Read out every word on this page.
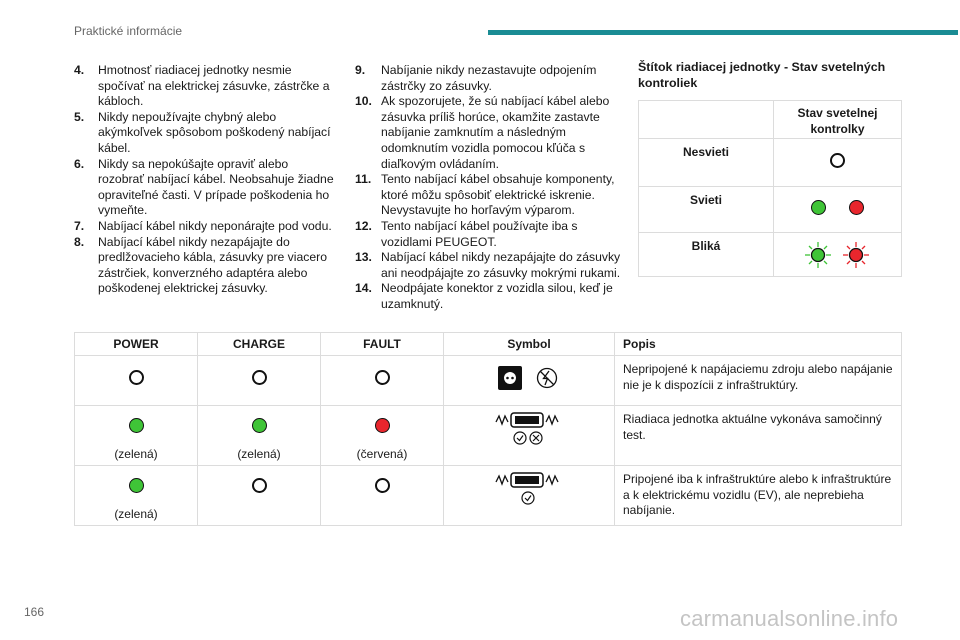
Praktické informácie
4.	Hmotnosť riadiacej jednotky nesmie spočívať na elektrickej zásuvke, zástrčke a kábloch.
5.	Nikdy nepoužívajte chybný alebo akýmkoľvek spôsobom poškodený nabíjací kábel.
6.	Nikdy sa nepokúšajte opraviť alebo rozobrať nabíjací kábel. Neobsahuje žiadne opraviteľné časti. V prípade poškodenia ho vymeňte.
7.	Nabíjací kábel nikdy neponárajte pod vodu.
8.	Nabíjací kábel nikdy nezapájajte do predlžovacieho kábla, zásuvky pre viacero zástrčiek, konverzného adaptéra alebo poškodenej elektrickej zásuvky.
9.	Nabíjanie nikdy nezastavujte odpojením zástrčky zo zásuvky.
10. Ak spozorujete, že sú nabíjací kábel alebo zásuvka príliš horúce, okamžite zastavte nabíjanie zamknutím a následným odomknutím vozidla pomocou kľúča s diaľkovým ovládaním.
11. Tento nabíjací kábel obsahuje komponenty, ktoré môžu spôsobiť elektrické iskrenie. Nevystavujte ho horľavým výparom.
12. Tento nabíjací kábel používajte iba s vozidlami PEUGEOT.
13. Nabíjací kábel nikdy nezapájajte do zásuvky ani neodpájajte zo zásuvky mokrými rukami.
14. Neodpájate konektor z vozidla silou, keď je uzamknutý.
Štítok riadiacej jednotky - Stav svetelných kontroliek
	Stav svetelnej kontrolky
Nesvieti	
Svieti	
Bliká	
POWER	CHARGE	FAULT	Symbol	Popis
				Nepripojené k napájaciemu zdroju alebo napájanie nie je k dispozícii z infraštruktúry.

(zelená)	(zelená)	(červená)		Riadiaca jednotka aktuálne vykonáva samočinný test.

(zelená)				Pripojené iba k infraštruktúre alebo k infraštruktúre a k elektrickému vozidlu (EV), ale neprebieha nabíjanie.
166	carmanualsonline.info
